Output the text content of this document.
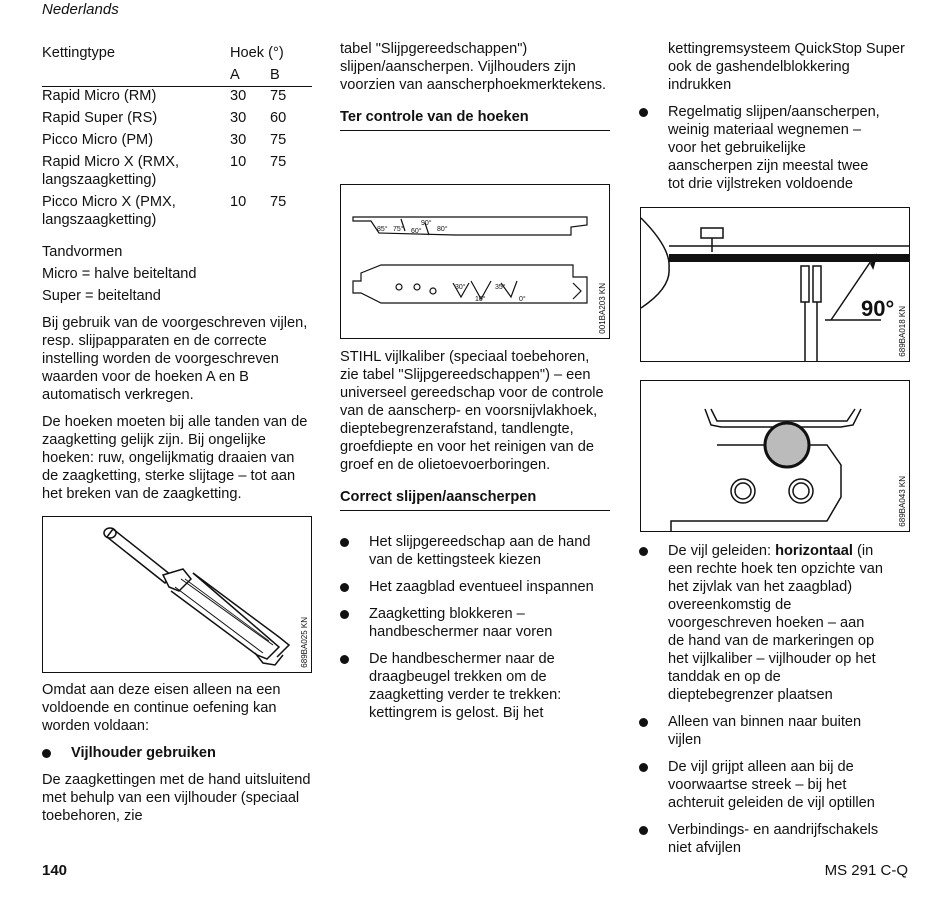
Nederlands
Kettingtype	Hoek (°)	
	A	B
Rapid Micro (RM)	30	75
Rapid Super (RS)	30	60
Picco Micro (PM)	30	75
Rapid Micro X (RMX, langszaagketting)	10	75
Picco Micro X (PMX, langszaagketting)	10	75

Tandvormen

Micro = halve beiteltand

Super = beiteltand

Bij gebruik van de voorgeschreven vijlen, resp. slijpapparaten en de correcte instelling worden de voorgeschreven waarden voor de hoeken A en B automatisch verkregen.

De hoeken moeten bij alle tanden van de zaagketting gelijk zijn. Bij ongelijke hoeken: ruw, ongelijkmatig draaien van de zaagketting, sterke slijtage – tot aan het breken van de zaagketting.

689BA025 KN

Omdat aan deze eisen alleen na een voldoende en continue oefening kan worden voldaan:

Vijlhouder gebruiken

De zaagkettingen met de hand uitsluitend met behulp van een vijlhouder (speciaal toebehoren, zie

tabel "Slijpgereedschappen") slijpen/aanscherpen. Vijlhouders zijn voorzien van aanscherphoekmerktekens.

Ter controle van de hoeken

85° 75° 60°
90°
80°
30°
10°
35°
0°	001BA203 KN

STIHL vijlkaliber (speciaal toebehoren, zie tabel "Slijpgereedschappen") – een universeel gereedschap voor de controle van de aanscherp- en voorsnijvlakhoek, dieptebegrenzerafstand, tandlengte, groefdiepte en voor het reinigen van de groef en de olietoevoerboringen.

Correct slijpen/aanscherpen

Het slijpgereedschap aan de hand van de kettingsteek kiezen
Het zaagblad eventueel inspannen
Zaagketting blokkeren – handbeschermer naar voren
De handbeschermer naar de draagbeugel trekken om de zaagketting verder te trekken: kettingrem is gelost. Bij het

kettingremsysteem QuickStop Super ook de gashendelblokkering indrukken

Regelmatig slijpen/aanscherpen, weinig materiaal wegnemen – voor het gebruikelijke aanscherpen zijn meestal twee tot drie vijlstreken voldoende
90° 689BA018 KN
689BA043 KN
De vijl geleiden: horizontaal (in een rechte hoek ten opzichte van het zijvlak van het zaagblad) overeenkomstig de voorgeschreven hoeken – aan de hand van de markeringen op het vijlkaliber – vijlhouder op het tanddak en op de dieptebegrenzer plaatsen
Alleen van binnen naar buiten vijlen
De vijl grijpt alleen aan bij de voorwaartse streek – bij het achteruit geleiden de vijl optillen
Verbindings- en aandrijfschakels niet afvijlen
140	MS 291 C-Q
